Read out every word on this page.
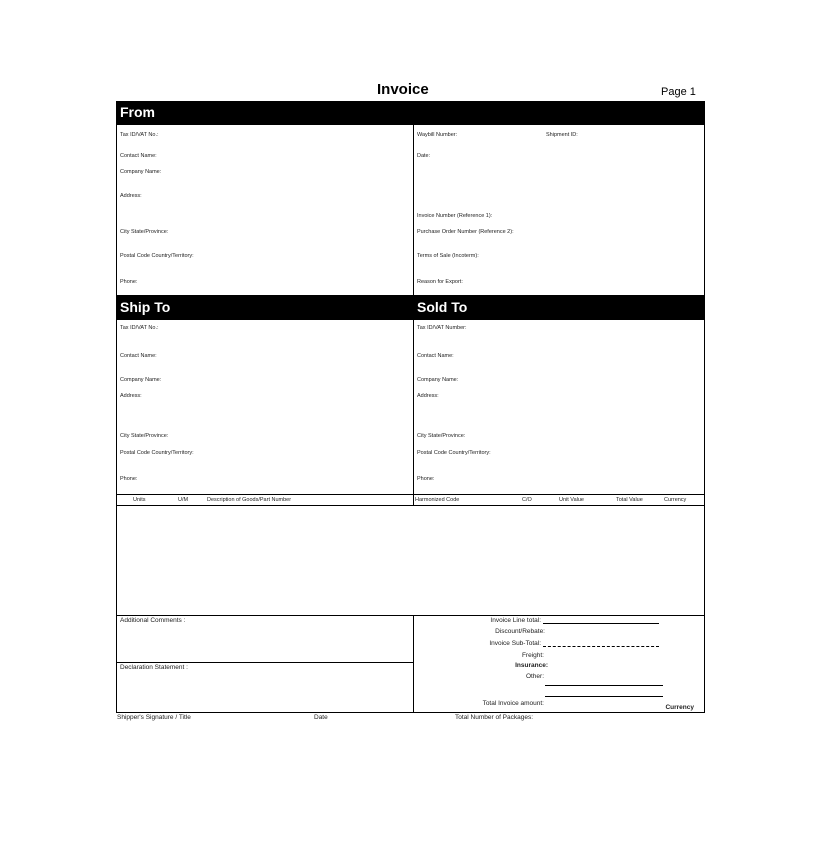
Invoice	Page 1
From
Tax ID/VAT No.:
Contact Name:
Company Name:
Address:
City State/Province:
Postal Code Country/Territory:
Phone:
Waybill Number:	Shipment ID:
Date:
Invoice Number (Reference 1):
Purchase Order Number (Reference 2):
Terms of Sale (Incoterm):
Reason for Export:
Ship To	Sold To
Tax ID/VAT No.:
Contact Name:
Company Name:
Address:
City State/Province:
Postal Code Country/Territory:
Phone:
Tax ID/VAT Number:
Contact Name:
Company Name:
Address:
City State/Province:
Postal Code Country/Territory:
Phone:
Units	U/M	Description of Goods/Part Number	Harmonized Code	C/O	Unit Value	Total Value	Currency
Additional Comments :
Declaration Statement :
Invoice Line total:
Discount/Rebate:
Invoice Sub-Total:
Freight:
Insurance:
Other:
Total Invoice amount:
Currency
Shipper's Signature / Title	Date	Total Number of Packages:
